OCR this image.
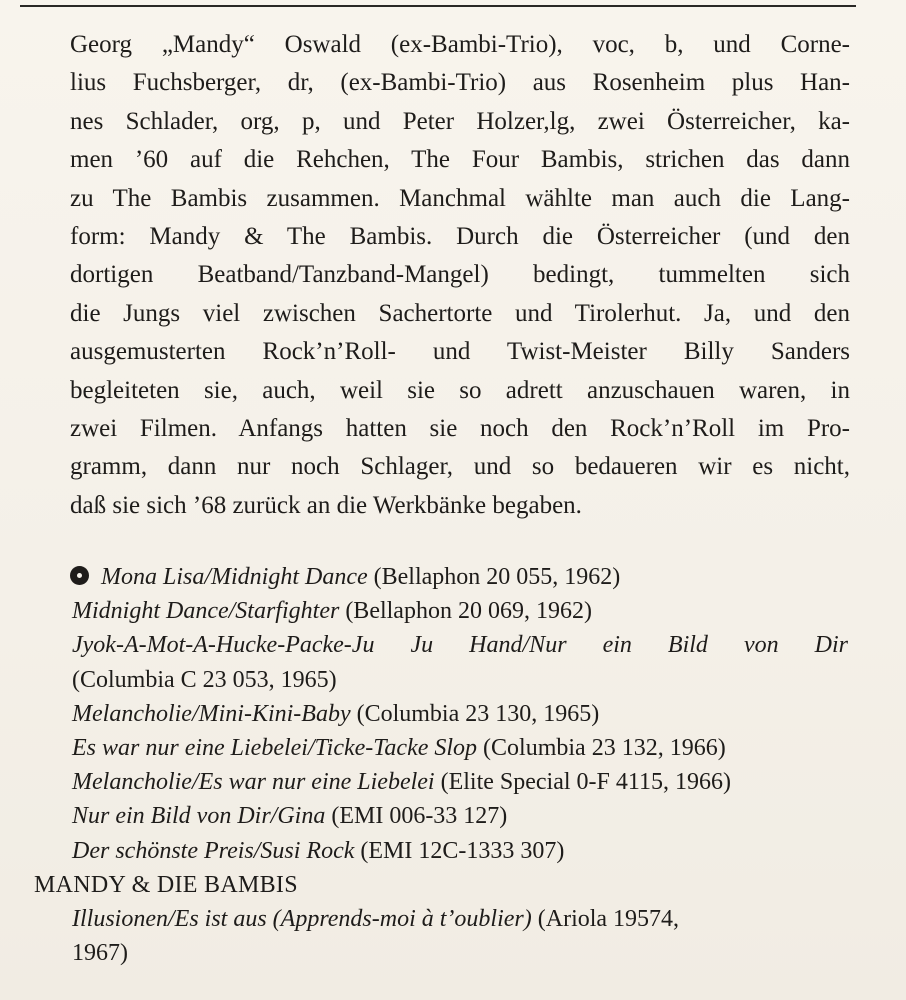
Georg „Mandy“ Oswald (ex-Bambi-Trio), voc, b, und Corne-
lius Fuchsberger, dr, (ex-Bambi-Trio) aus Rosenheim plus Han-
nes Schlader, org, p, und Peter Holzer,lg, zwei Österreicher, ka-
men ’60 auf die Rehchen, The Four Bambis, strichen das dann
zu The Bambis zusammen. Manchmal wählte man auch die Lang-
form: Mandy & The Bambis. Durch die Österreicher (und den
dortigen Beatband/Tanzband-Mangel) bedingt, tummelten sich
die Jungs viel zwischen Sachertorte und Tirolerhut. Ja, und den
ausgemusterten Rock’n’Roll- und Twist-Meister Billy Sanders
begleiteten sie, auch, weil sie so adrett anzuschauen waren, in
zwei Filmen. Anfangs hatten sie noch den Rock’n’Roll im Pro-
gramm, dann nur noch Schlager, und so bedaueren wir es nicht,
daß sie sich ’68 zurück an die Werkbänke begaben.
Mona Lisa/Midnight Dance (Bellaphon 20 055, 1962)
Midnight Dance/Starfighter (Bellaphon 20 069, 1962)
Jyok-A-Mot-A-Hucke-Packe-Ju Ju Hand/Nur ein Bild von Dir
(Columbia C 23 053, 1965)
Melancholie/Mini-Kini-Baby (Columbia 23 130, 1965)
Es war nur eine Liebelei/Ticke-Tacke Slop (Columbia 23 132, 1966)
Melancholie/Es war nur eine Liebelei (Elite Special 0-F 4115, 1966)
Nur ein Bild von Dir/Gina (EMI 006-33 127)
Der schönste Preis/Susi Rock (EMI 12C-1333 307)
MANDY & DIE BAMBIS
Illusionen/Es ist aus (Apprends-moi à t’oublier) (Ariola 19574,
1967)
